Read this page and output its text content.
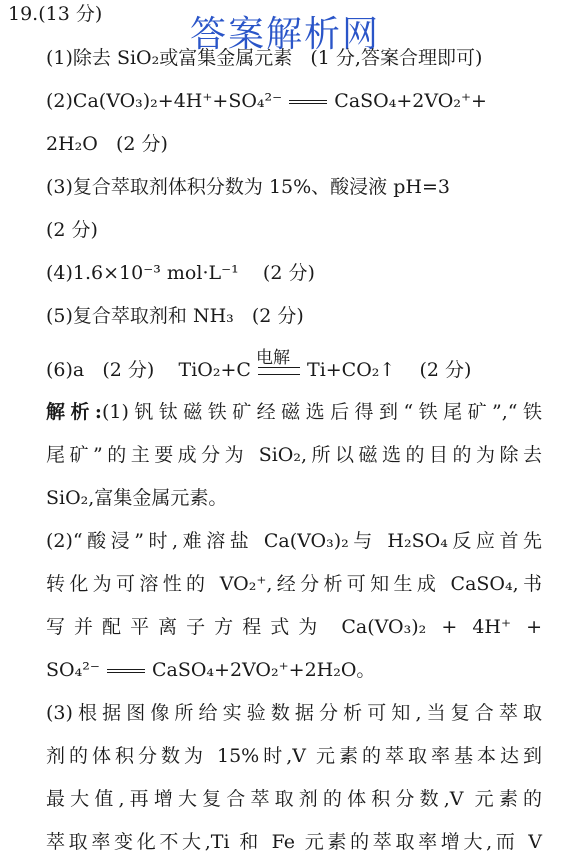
答案解析网
19.(13 分)
(1)除去 SiO₂或富集金属元素 (1 分,答案合理即可)
(2)Ca(VO₃)₂+4H⁺+SO₄²⁻	CaSO₄+2VO₂⁺+
2H₂O (2 分)
(3)复合萃取剂体积分数为 15%、酸浸液 pH=3
(2 分)
(4)1.6×10⁻³ mol·L⁻¹ (2 分)
(5)复合萃取剂和 NH₃ (2 分)
(6)a (2 分) TiO₂+C
电解
Ti+CO₂↑ (2 分)
解析:(1)钒钛磁铁矿经磁选后得到“铁尾矿”,“铁
尾矿”的主要成分为 SiO₂,所以磁选的目的为除去
SiO₂,富集金属元素。
(2)“酸浸”时,难溶盐 Ca(VO₃)₂与 H₂SO₄反应首先
转化为可溶性的 VO₂⁺,经分析可知生成 CaSO₄,书
写并配平离子方程式为 Ca(VO₃)₂ + 4H⁺ +
SO₄²⁻	CaSO₄+2VO₂⁺+2H₂O。
(3)根据图像所给实验数据分析可知,当复合萃取
剂的体积分数为 15%时,V 元素的萃取率基本达到
最大值,再增大复合萃取剂的体积分数,V 元素的
萃取率变化不大,Ti 和 Fe 元素的萃取率增大,而 V
